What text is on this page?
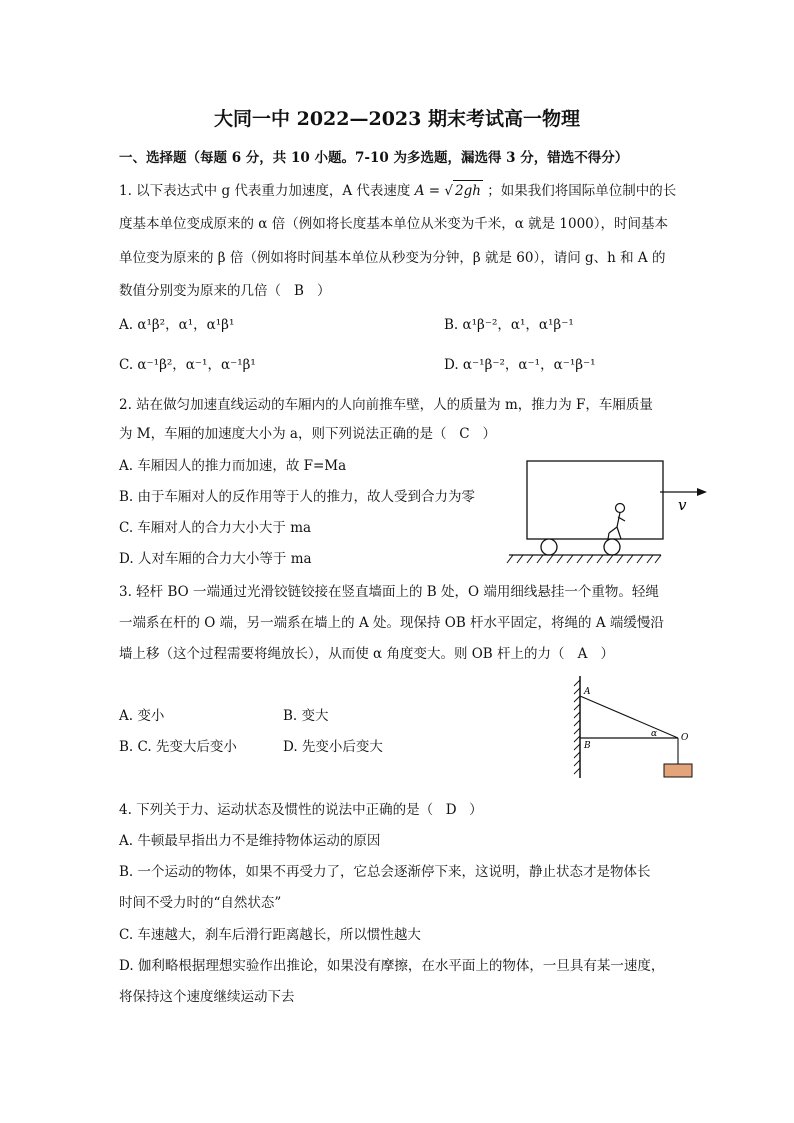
大同一中 2022—2023 期末考试高一物理
一、选择题（每题 6 分，共 10 小题。7-10 为多选题，漏选得 3 分，错选不得分）
1. 以下表达式中 g 代表重力加速度，A 代表速度 A = √ 2gh ；如果我们将国际单位制中的长
度基本单位变成原来的 α 倍（例如将长度基本单位从米变为千米，α 就是 1000），时间基本
单位变为原来的 β 倍（例如将时间基本单位从秒变为分钟，β 就是 60），请问 g、h 和 A 的
数值分别变为原来的几倍（ B ）
A. α¹β²，α¹，α¹β¹	B. α¹β⁻²，α¹，α¹β⁻¹
C. α⁻¹β²，α⁻¹，α⁻¹β¹	D. α⁻¹β⁻²，α⁻¹，α⁻¹β⁻¹
2. 站在做匀加速直线运动的车厢内的人向前推车壁，人的质量为 m，推力为 F，车厢质量
为 M，车厢的加速度大小为 a，则下列说法正确的是（ C ）
A. 车厢因人的推力而加速，故 F=Ma
B. 由于车厢对人的反作用等于人的推力，故人受到合力为零
C. 车厢对人的合力大小大于 ma
D. 人对车厢的合力大小等于 ma
v
3. 轻杆 BO 一端通过光滑铰链铰接在竖直墙面上的 B 处，O 端用细线悬挂一个重物。轻绳
一端系在杆的 O 端，另一端系在墙上的 A 处。现保持 OB 杆水平固定，将绳的 A 端缓慢沿
墙上移（这个过程需要将绳放长），从而使 α 角度变大。则 OB 杆上的力（ A ）
A. 变小	B. 变大
B. C. 先变大后变小	D. 先变小后变大
A
B
O
α
4. 下列关于力、运动状态及惯性的说法中正确的是（ D ）
A. 牛顿最早指出力不是维持物体运动的原因
B. 一个运动的物体，如果不再受力了，它总会逐渐停下来，这说明，静止状态才是物体长
时间不受力时的“自然状态”
C. 车速越大，刹车后滑行距离越长，所以惯性越大
D. 伽利略根据理想实验作出推论，如果没有摩擦，在水平面上的物体，一旦具有某一速度，
将保持这个速度继续运动下去
